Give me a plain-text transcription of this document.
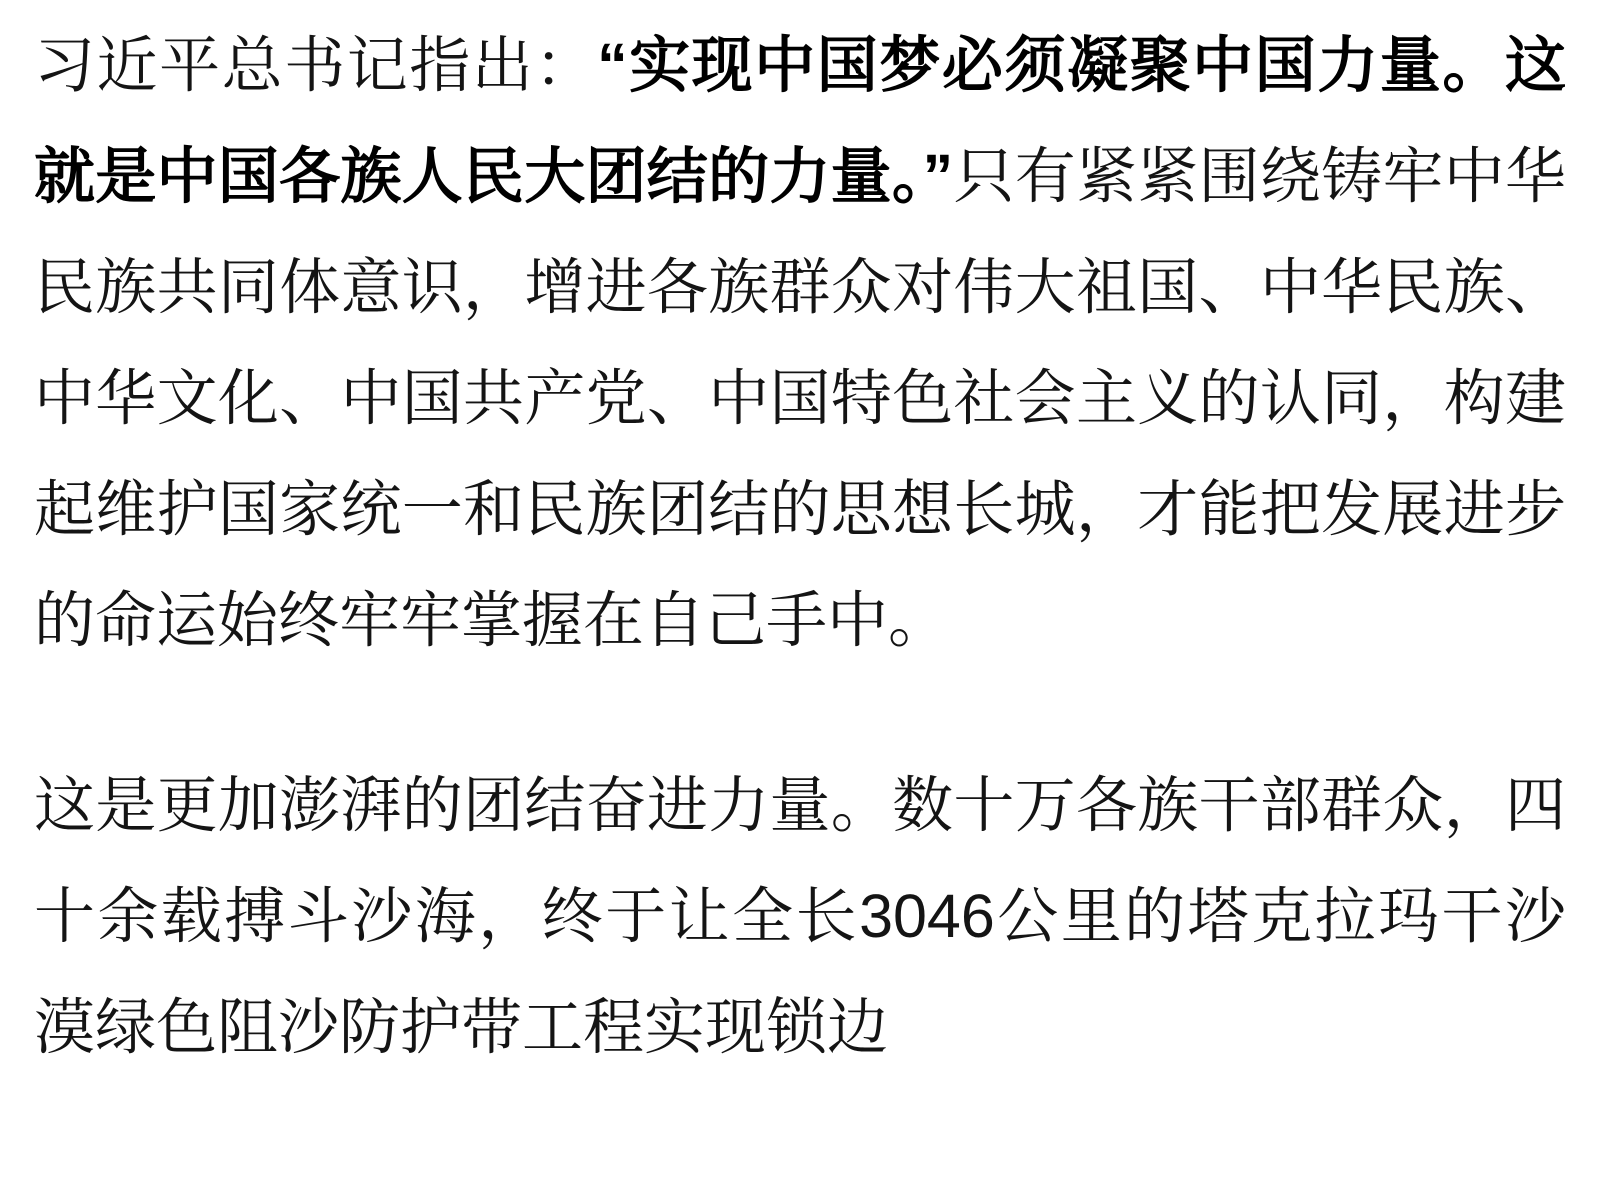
习近平总书记指出：“实现中国梦必须凝聚中国力量。这就是中国各族人民大团结的力量。”只有紧紧围绕铸牢中华民族共同体意识，增进各族群众对伟大祖国、中华民族、中华文化、中国共产党、中国特色社会主义的认同，构建起维护国家统一和民族团结的思想长城，才能把发展进步的命运始终牢牢掌握在自己手中。

这是更加澎湃的团结奋进力量。数十万各族干部群众，四十余载搏斗沙海，终于让全长3046公里的塔克拉玛干沙漠绿色阻沙防护带工程实现锁边
